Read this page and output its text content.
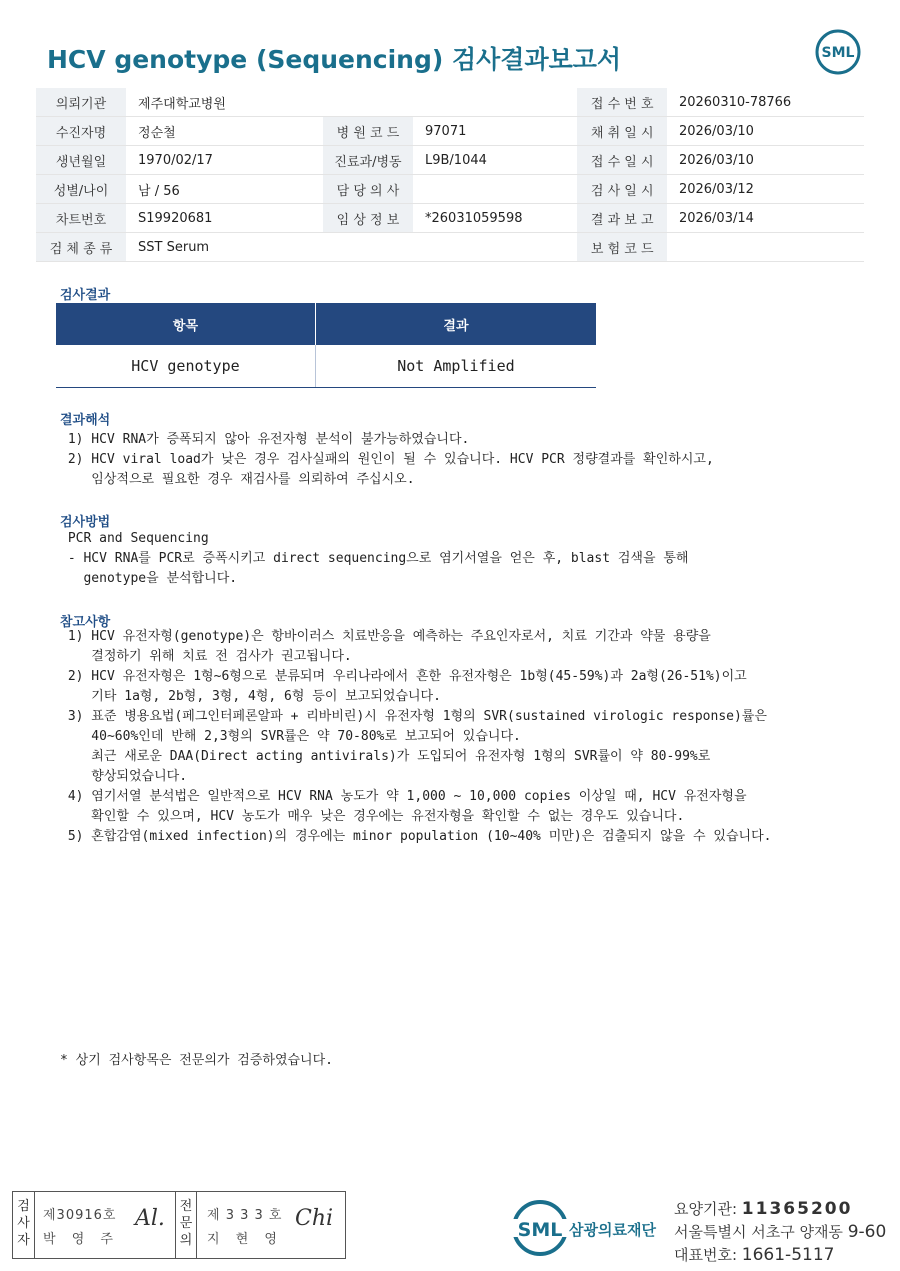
HCV genotype (Sequencing) 검사결과보고서	SML
의뢰기관	제주대학교병원			접 수 번 호	20260310-78766
수진자명	정순철	병 원 코 드	97071	채 취 일 시	2026/03/10
생년월일	1970/02/17	진료과/병동	L9B/1044	접 수 일 시	2026/03/10
성별/나이	남 / 56	담 당 의 사		검 사 일 시	2026/03/12
차트번호	S19920681	임 상 정 보	*26031059598	결 과 보 고	2026/03/14
검 체 종 류	SST Serum			보 험 코 드	
검사결과
항목	결과
HCV genotype	Not Amplified
결과해석
1) HCV RNA가 증폭되지 않아 유전자형 분석이 불가능하였습니다.
2) HCV viral load가 낮은 경우 검사실패의 원인이 될 수 있습니다. HCV PCR 정량결과를 확인하시고,
임상적으로 필요한 경우 재검사를 의뢰하여 주십시오.
검사방법
PCR and Sequencing
- HCV RNA를 PCR로 증폭시키고 direct sequencing으로 염기서열을 얻은 후, blast 검색을 통해
genotype을 분석합니다.
참고사항
1) HCV 유전자형(genotype)은 항바이러스 치료반응을 예측하는 주요인자로서, 치료 기간과 약물 용량을
결정하기 위해 치료 전 검사가 권고됩니다.
2) HCV 유전자형은 1형~6형으로 분류되며 우리나라에서 흔한 유전자형은 1b형(45-59%)과 2a형(26-51%)이고
기타 1a형, 2b형, 3형, 4형, 6형 등이 보고되었습니다.
3) 표준 병용요법(페그인터페론알파 + 리바비린)시 유전자형 1형의 SVR(sustained virologic response)률은
40~60%인데 반해 2,3형의 SVR률은 약 70-80%로 보고되어 있습니다.
최근 새로운 DAA(Direct acting antivirals)가 도입되어 유전자형 1형의 SVR률이 약 80-99%로
향상되었습니다.
4) 염기서열 분석법은 일반적으로 HCV RNA 농도가 약 1,000 ~ 10,000 copies 이상일 때, HCV 유전자형을
확인할 수 있으며, HCV 농도가 매우 낮은 경우에는 유전자형을 확인할 수 없는 경우도 있습니다.
5) 혼합감염(mixed infection)의 경우에는 minor population (10~40% 미만)은 검출되지 않을 수 있습니다.
* 상기 검사항목은 전문의가 검증하였습니다.
검
사
자
제30916호
박 영 주
Al. 전
문
의
제 3 3 3 호
지 현 영
Chi	SML 삼광의료재단
요양기관: 11365200
서울특별시 서초구 양재동 9-60
대표번호: 1661-5117
